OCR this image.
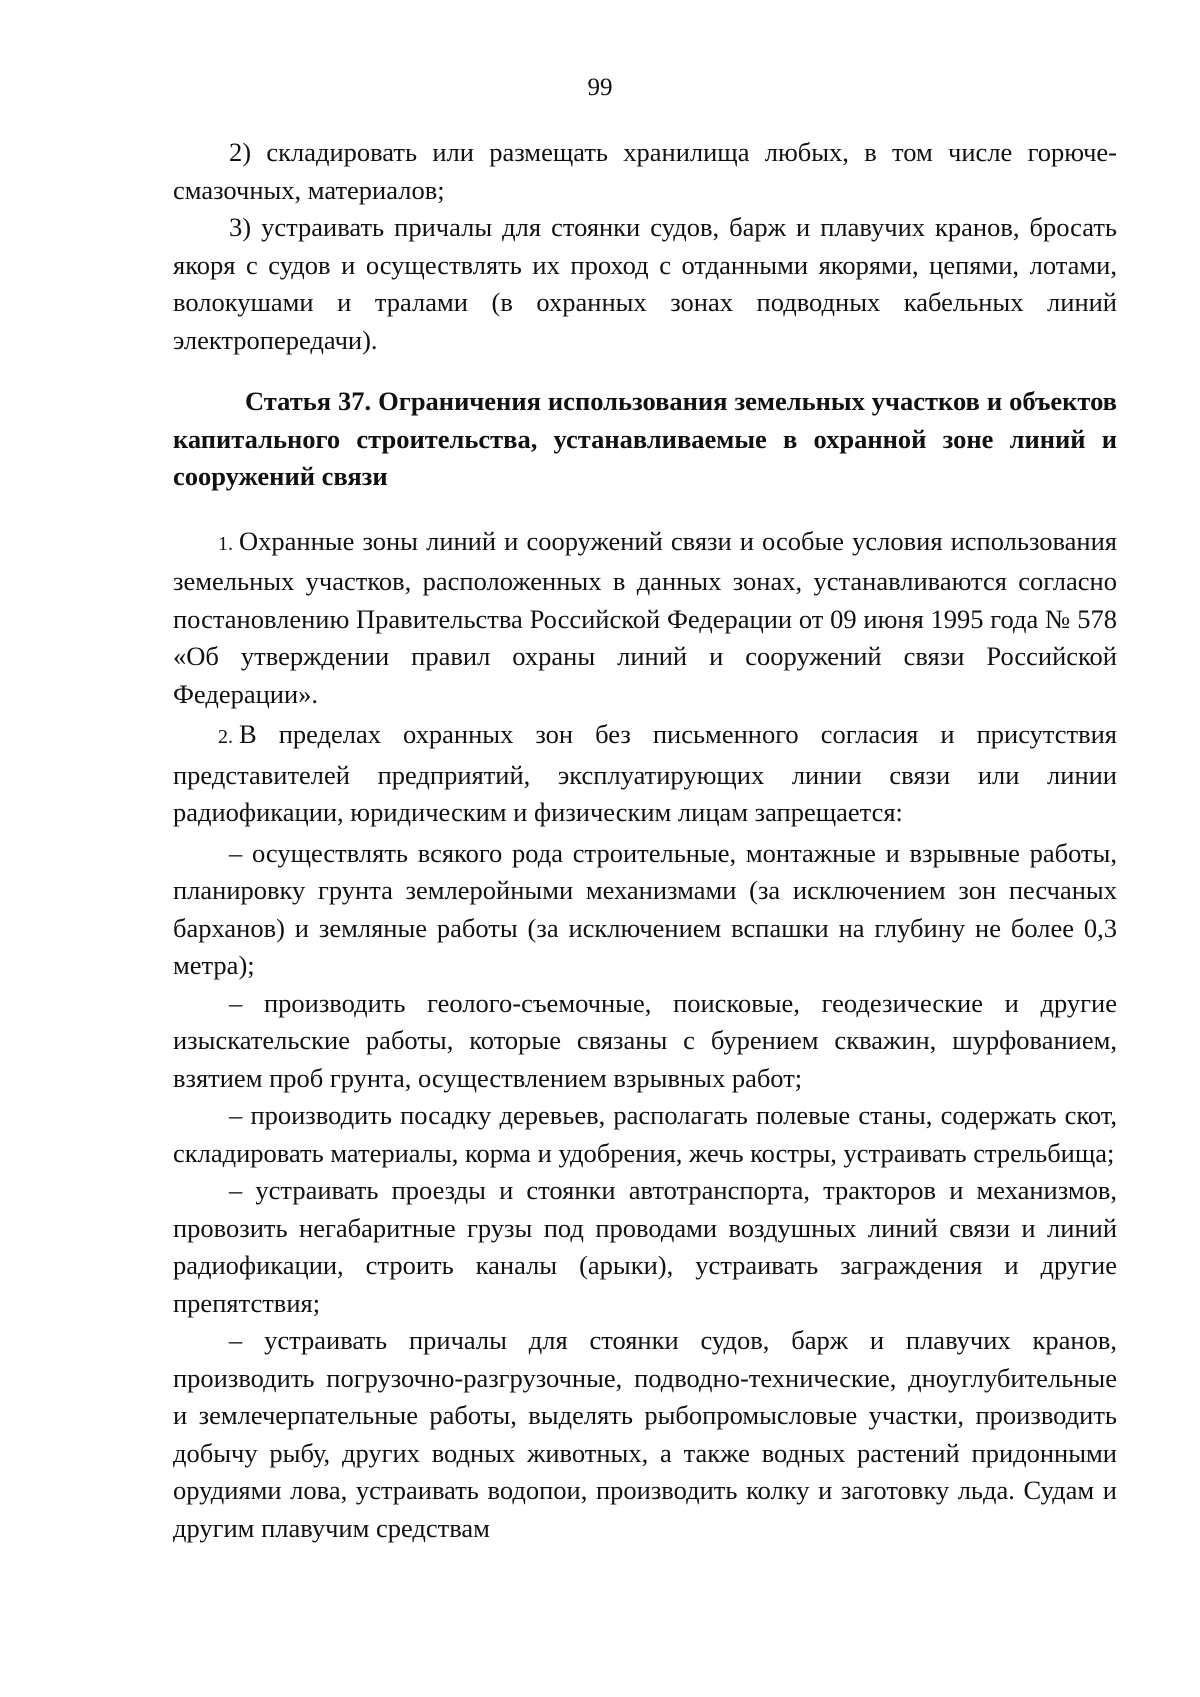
99

2) складировать или размещать хранилища любых, в том числе горюче-смазочных, материалов;

3) устраивать причалы для стоянки судов, барж и плавучих кранов, бросать якоря с судов и осуществлять их проход с отданными якорями, цепями, лотами, волокушами и тралами (в охранных зонах подводных кабельных линий электропередачи).

Статья 37. Ограничения использования земельных участков и объектов капитального строительства, устанавливаемые в охранной зоне линий и сооружений связи

1. Охранные зоны линий и сооружений связи и особые условия использования земельных участков, расположенных в данных зонах, устанавливаются согласно постановлению Правительства Российской Федерации от 09 июня 1995 года № 578 «Об утверждении правил охраны линий и сооружений связи Российской Федерации».

2. В пределах охранных зон без письменного согласия и присутствия представителей предприятий, эксплуатирующих линии связи или линии радиофикации, юридическим и физическим лицам запрещается:

– осуществлять всякого рода строительные, монтажные и взрывные работы, планировку грунта землеройными механизмами (за исключением зон песчаных барханов) и земляные работы (за исключением вспашки на глубину не более 0,3 метра);

– производить геолого-съемочные, поисковые, геодезические и другие изыскательские работы, которые связаны с бурением скважин, шурфованием, взятием проб грунта, осуществлением взрывных работ;

– производить посадку деревьев, располагать полевые станы, содержать скот, складировать материалы, корма и удобрения, жечь костры, устраивать стрельбища;

– устраивать проезды и стоянки автотранспорта, тракторов и механизмов, провозить негабаритные грузы под проводами воздушных линий связи и линий радиофикации, строить каналы (арыки), устраивать заграждения и другие препятствия;

– устраивать причалы для стоянки судов, барж и плавучих кранов, производить погрузочно-разгрузочные, подводно-технические, дноуглубительные и землечерпательные работы, выделять рыбопромысловые участки, производить добычу рыбу, других водных животных, а также водных растений придонными орудиями лова, устраивать водопои, производить колку и заготовку льда. Судам и другим плавучим средствам
